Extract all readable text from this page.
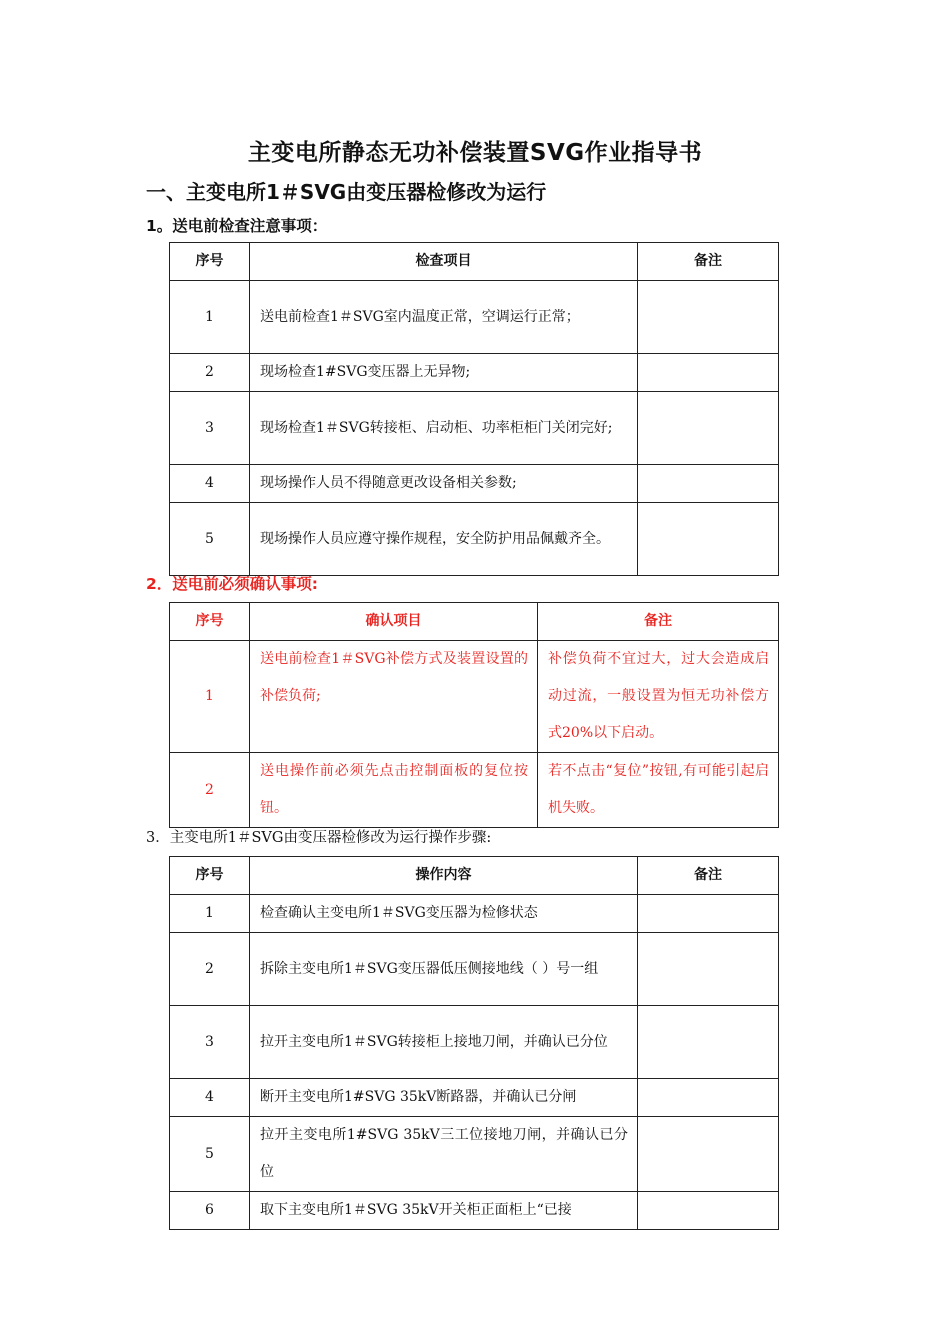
主变电所静态无功补偿装置SVG作业指导书
一、主变电所1＃SVG由变压器检修改为运行
1。送电前检查注意事项：
序号	检查项目	备注
1	送电前检查1＃SVG室内温度正常，空调运行正常；	
2	现场检查1#SVG变压器上无异物;	
3	现场检查1＃SVG转接柜、启动柜、功率柜柜门关闭完好;	
4	现场操作人员不得随意更改设备相关参数;	
5	现场操作人员应遵守操作规程，安全防护用品佩戴齐全。	
2．送电前必须确认事项:
序号	确认项目	备注
1	送电前检查1＃SVG补偿方式及装置设置的补偿负荷;	补偿负荷不宜过大，过大会造成启动过流，一般设置为恒无功补偿方式20%以下启动。
2	送电操作前必须先点击控制面板的复位按钮。	若不点击“复位”按钮,有可能引起启机失败。
3．主变电所1＃SVG由变压器检修改为运行操作步骤:
序号	操作内容	备注
1	检查确认主变电所1＃SVG变压器为检修状态	
2	拆除主变电所1＃SVG变压器低压侧接地线（ ）号一组	
3	拉开主变电所1＃SVG转接柜上接地刀闸，并确认已分位	
4	断开主变电所1#SVG 35kV断路器，并确认已分闸	
5	拉开主变电所1#SVG 35kV三工位接地刀闸，并确认已分位	
6	取下主变电所1＃SVG 35kV开关柜正面柜上“已接	
